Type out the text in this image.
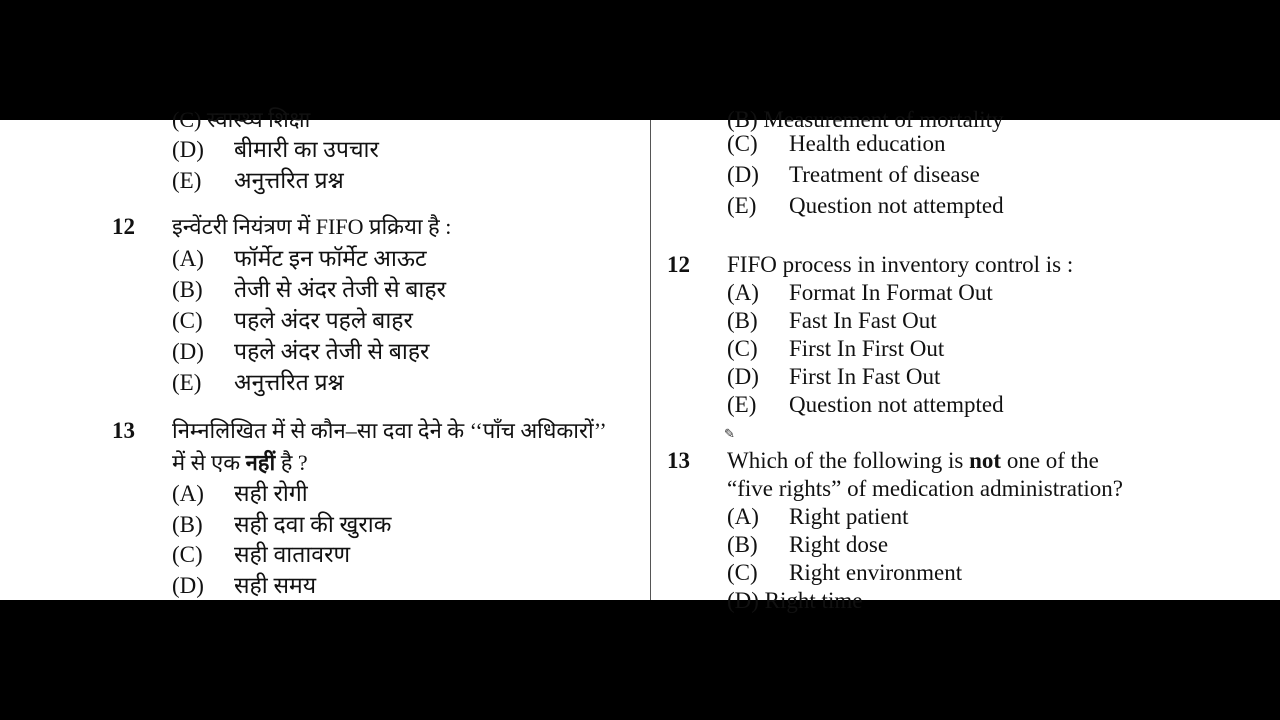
(C) स्वास्थ्य शिक्षा
(D) बीमारी का उपचार
(E) अनुत्तरित प्रश्न
12 इन्वेंटरी नियंत्रण में FIFO प्रक्रिया है :
(A) फॉर्मेट इन फॉर्मेट आऊट
(B) तेजी से अंदर तेजी से बाहर
(C) पहले अंदर पहले बाहर
(D) पहले अंदर तेजी से बाहर
(E) अनुत्तरित प्रश्न
13 निम्नलिखित में से कौन–सा दवा देने के ‘‘पाँच अधिकारों’’
में से एक नहीं है ?
(A) सही रोगी
(B) सही दवा की खुराक
(C) सही वातावरण
(D) सही समय
(B) Measurement of mortality
(C) Health education
(D) Treatment of disease
(E) Question not attempted
12 FIFO process in inventory control is :
(A) Format In Format Out
(B) Fast In Fast Out
(C) First In First Out
(D) First In Fast Out
(E) Question not attempted
✎
13 Which of the following is not one of the
“five rights” of medication administration?
(A) Right patient
(B) Right dose
(C) Right environment
(D) Right time
